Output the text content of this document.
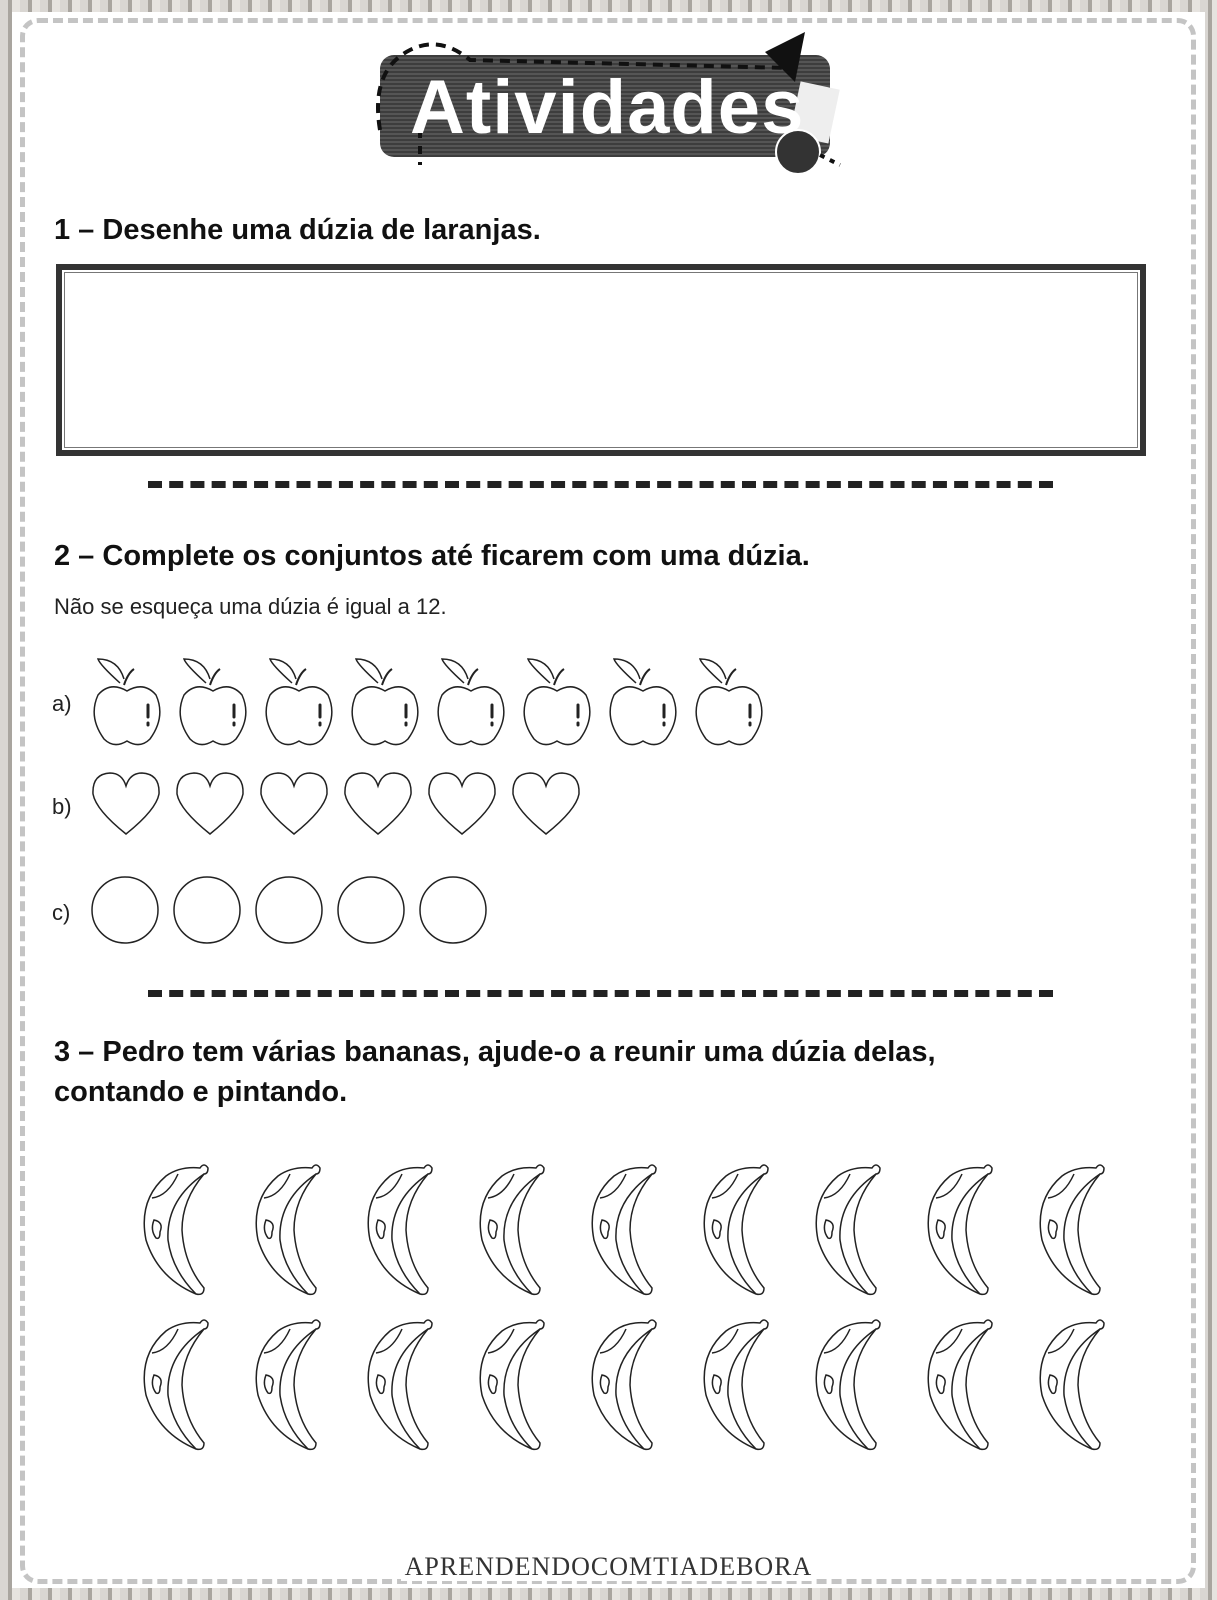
Atividades
1 – Desenhe uma dúzia de laranjas.
2 – Complete os conjuntos até ficarem com uma dúzia.
Não se esqueça uma dúzia é igual a 12.
a)
b)
c)
3 – Pedro tem várias bananas, ajude-o a reunir uma dúzia delas,
contando e pintando.
APRENDENDOCOMTIADEBORA
